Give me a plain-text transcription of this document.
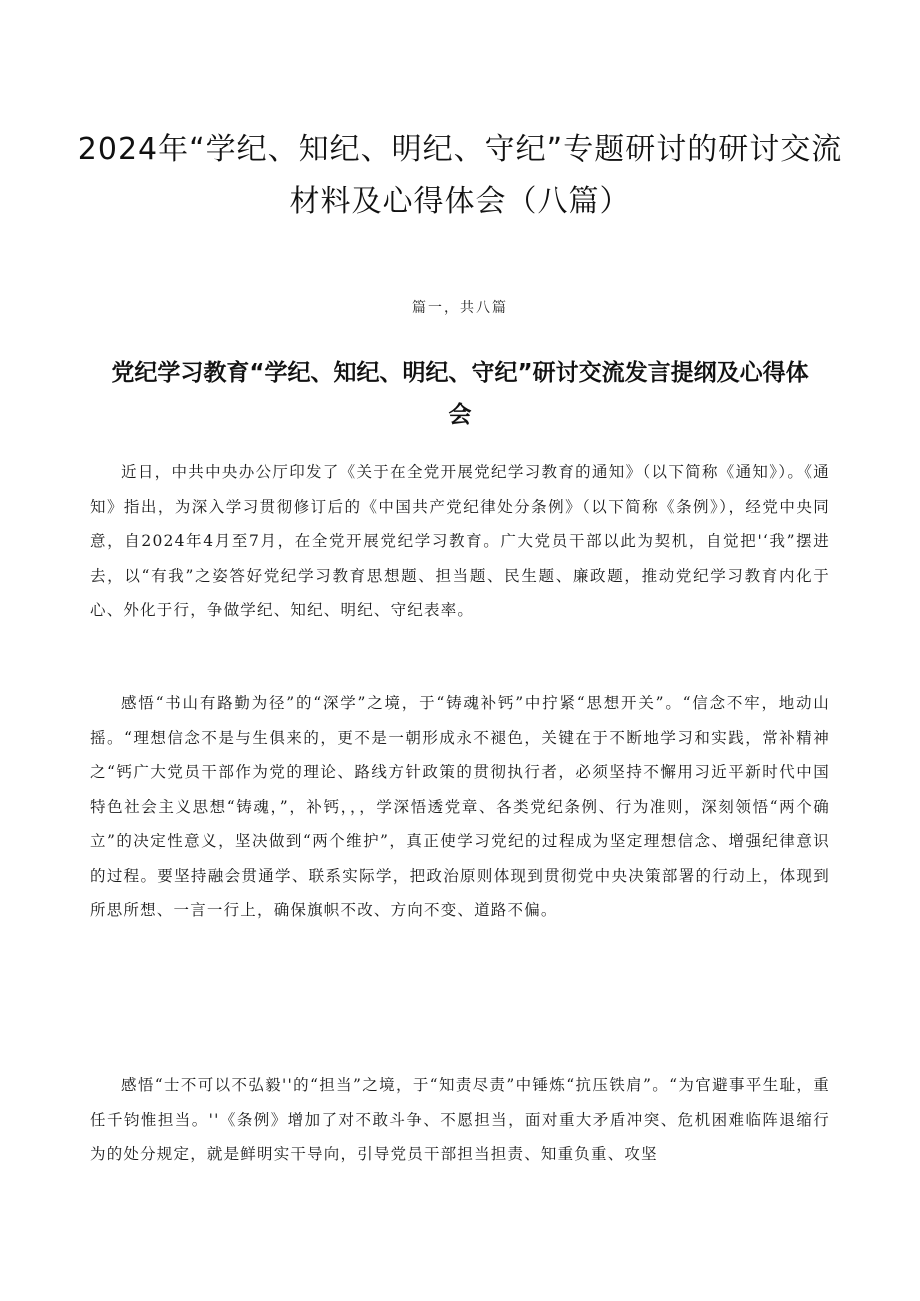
2024年“学纪、知纪、明纪、守纪”专题研讨的研讨交流材料及心得体会（八篇）
篇一，共八篇
党纪学习教育“学纪、知纪、明纪、守纪”研讨交流发言提纲及心得体会

近日，中共中央办公厅印发了《关于在全党开展党纪学习教育的通知》（以下简称《通知》）。《通知》指出，为深入学习贯彻修订后的《中国共产党纪律处分条例》（以下简称《条例》），经党中央同意，自2024年4月至7月，在全党开展党纪学习教育。广大党员干部以此为契机，自觉把'‘我”摆进去，以“有我”之姿答好党纪学习教育思想题、担当题、民生题、廉政题，推动党纪学习教育内化于心、外化于行，争做学纪、知纪、明纪、守纪表率。

感悟“书山有路勤为径”的“深学”之境，于“铸魂补钙”中拧紧“思想开关”。“信念不牢，地动山摇。“理想信念不是与生俱来的，更不是一朝形成永不褪色，关键在于不断地学习和实践，常补精神之“钙广大党员干部作为党的理论、路线方针政策的贯彻执行者，必须坚持不懈用习近平新时代中国特色社会主义思想“铸魂，”，补钙，，，学深悟透党章、各类党纪条例、行为准则，深刻领悟“两个确立”的决定性意义，坚决做到“两个维护”，真正使学习党纪的过程成为坚定理想信念、增强纪律意识的过程。要坚持融会贯通学、联系实际学，把政治原则体现到贯彻党中央决策部署的行动上，体现到所思所想、一言一行上，确保旗帜不改、方向不变、道路不偏。

感悟“士不可以不弘毅''的“担当”之境，于“知责尽责”中锤炼“抗压铁肩”。“为官避事平生耻，重任千钧惟担当。''《条例》增加了对不敢斗争、不愿担当，面对重大矛盾冲突、危机困难临阵退缩行为的处分规定，就是鲜明实干导向，引导党员干部担当担责、知重负重、攻坚
